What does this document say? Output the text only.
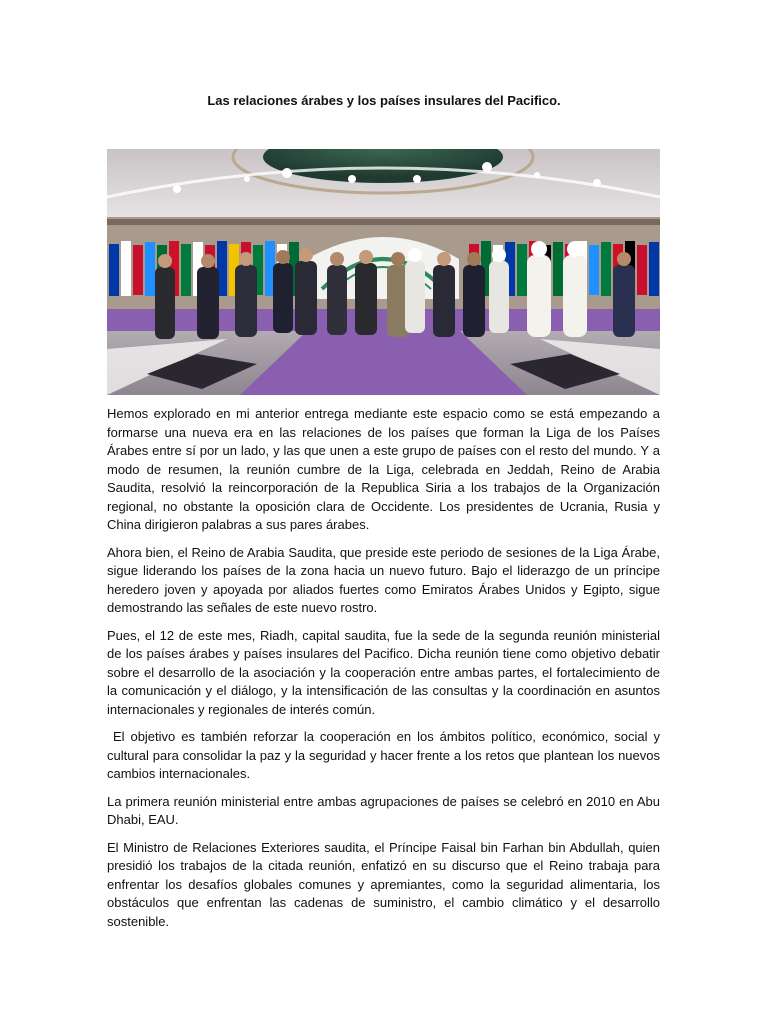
Las relaciones árabes y los países insulares del Pacifico.

Hemos explorado en mi anterior entrega mediante este espacio como se está empezando a formarse una nueva era en las relaciones de los países que forman la Liga de los Países Árabes entre sí por un lado, y las que unen a este grupo de países con el resto del mundo. Y a modo de resumen, la reunión cumbre de la Liga, celebrada en Jeddah, Reino de Arabia Saudita, resolvió la reincorporación de la Republica Siria a los trabajos de la Organización regional, no obstante la oposición clara de Occidente. Los presidentes de Ucrania, Rusia y China dirigieron palabras a sus pares árabes.

Ahora bien, el Reino de Arabia Saudita, que preside este periodo de sesiones de la Liga Árabe, sigue liderando los países de la zona hacia un nuevo futuro. Bajo el liderazgo de un príncipe heredero joven y apoyada por aliados fuertes como Emiratos Árabes Unidos y Egipto, sigue demostrando las señales de este nuevo rostro.

Pues, el 12 de este mes, Riadh, capital saudita, fue la sede de la segunda reunión ministerial de los países árabes y países insulares del Pacifico. Dicha reunión tiene como objetivo debatir sobre el desarrollo de la asociación y la cooperación entre ambas partes, el fortalecimiento de la comunicación y el diálogo, y la intensificación de las consultas y la coordinación en asuntos internacionales y regionales de interés común.

El objetivo es también reforzar la cooperación en los ámbitos político, económico, social y cultural para consolidar la paz y la seguridad y hacer frente a los retos que plantean los nuevos cambios internacionales.

La primera reunión ministerial entre ambas agrupaciones de países se celebró en 2010 en Abu Dhabi, EAU.

El Ministro de Relaciones Exteriores saudita, el Príncipe Faisal bin Farhan bin Abdullah, quien presidió los trabajos de la citada reunión, enfatizó en su discurso que el Reino trabaja para enfrentar los desafíos globales comunes y apremiantes, como la seguridad alimentaria, los obstáculos que enfrentan las cadenas de suministro, el cambio climático y el desarrollo sostenible.
